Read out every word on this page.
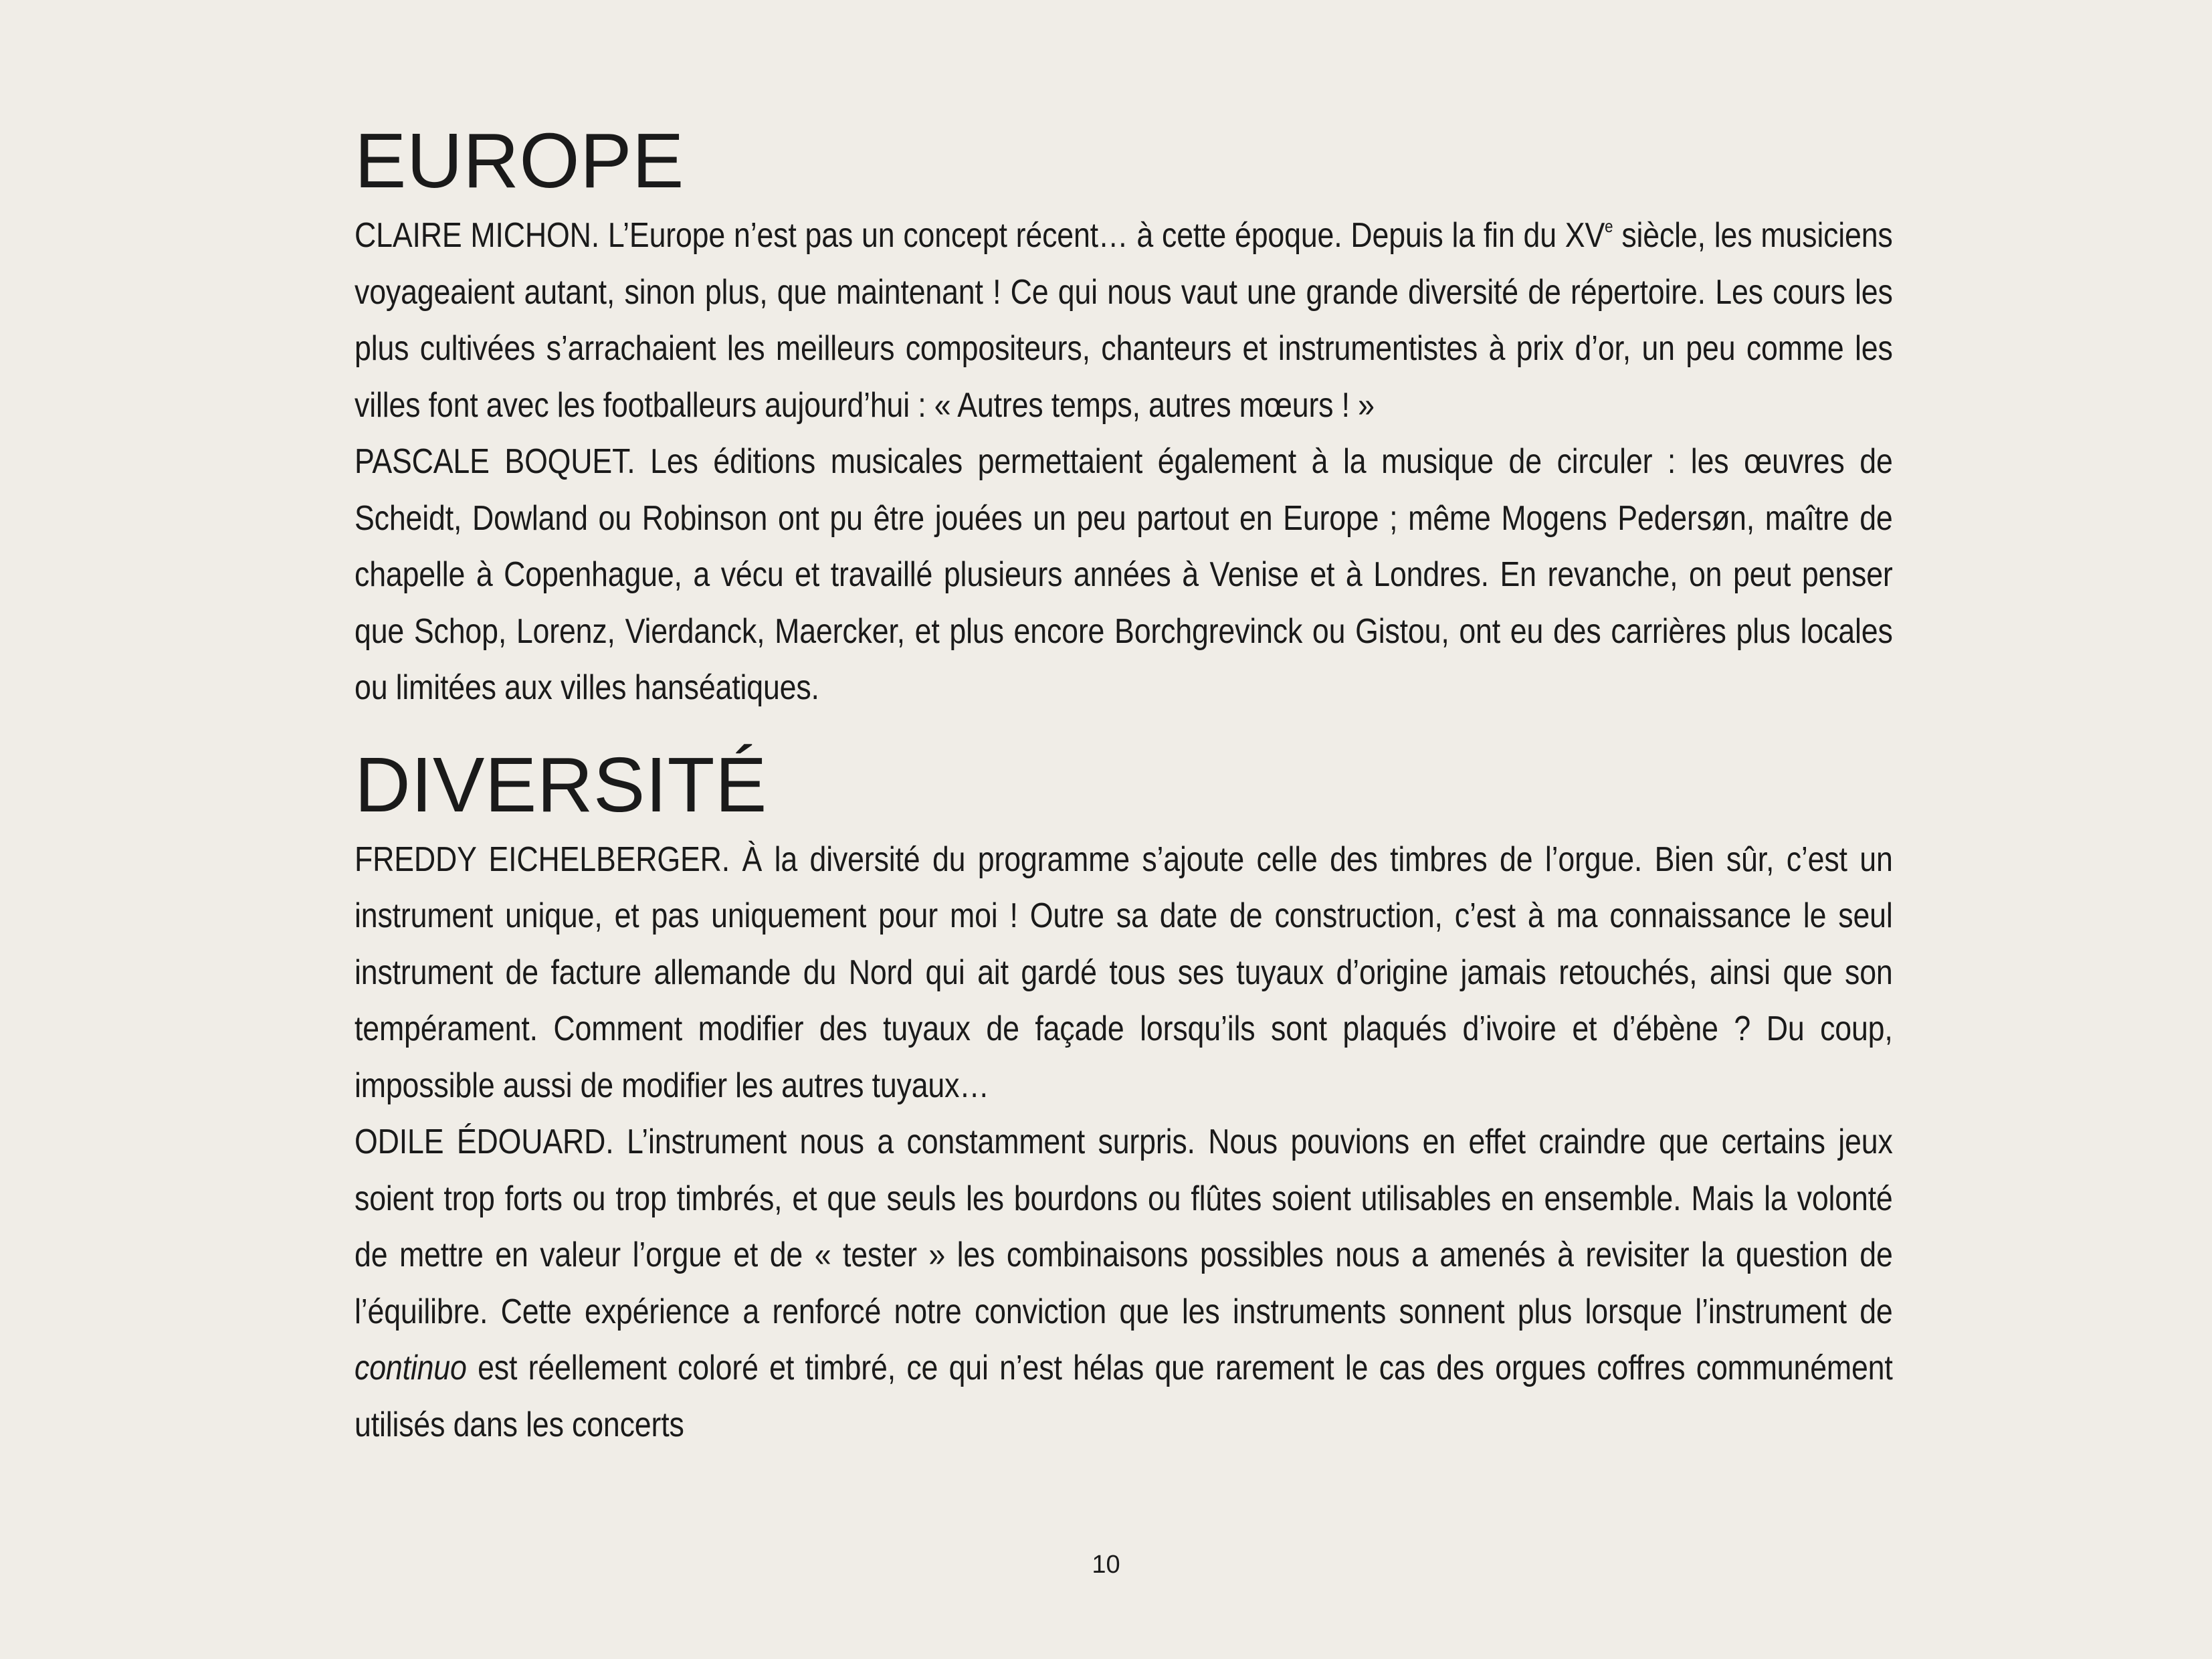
EUROPE

CLAIRE MICHON. L’Europe n’est pas un concept récent… à cette époque. Depuis la fin du XVe siècle, les musiciens voyageaient autant, sinon plus, que maintenant ! Ce qui nous vaut une grande diversité de répertoire. Les cours les plus cultivées s’arrachaient les meilleurs compositeurs, chanteurs et instrumentistes à prix d’or, un peu comme les villes font avec les footballeurs aujourd’hui : « Autres temps, autres mœurs ! »

PASCALE BOQUET. Les éditions musicales permettaient également à la musique de circuler : les œuvres de Scheidt, Dowland ou Robinson ont pu être jouées un peu partout en Europe ; même Mogens Pedersøn, maître de chapelle à Copenhague, a vécu et travaillé plusieurs années à Venise et à Londres. En revanche, on peut penser que Schop, Lorenz, Vierdanck, Maercker, et plus encore Borchgrevinck ou Gistou, ont eu des carrières plus locales ou limitées aux villes hanséatiques.

DIVERSITÉ

FREDDY EICHELBERGER. À la diversité du programme s’ajoute celle des timbres de l’orgue. Bien sûr, c’est un instrument unique, et pas uniquement pour moi ! Outre sa date de construction, c’est à ma connaissance le seul instrument de facture allemande du Nord qui ait gardé tous ses tuyaux d’origine jamais retouchés, ainsi que son tempérament. Comment modifier des tuyaux de façade lorsqu’ils sont plaqués d’ivoire et d’ébène ? Du coup, impossible aussi de modifier les autres tuyaux…

ODILE ÉDOUARD. L’instrument nous a constamment surpris. Nous pouvions en effet craindre que certains jeux soient trop forts ou trop timbrés, et que seuls les bourdons ou flûtes soient utilisables en ensemble. Mais la volonté de mettre en valeur l’orgue et de « tester » les combinaisons possibles nous a amenés à revisiter la question de l’équilibre. Cette expérience a renforcé notre conviction que les instruments sonnent plus lorsque l’instrument de continuo est réellement coloré et timbré, ce qui n’est hélas que rarement le cas des orgues coffres communément utilisés dans les concerts

10
